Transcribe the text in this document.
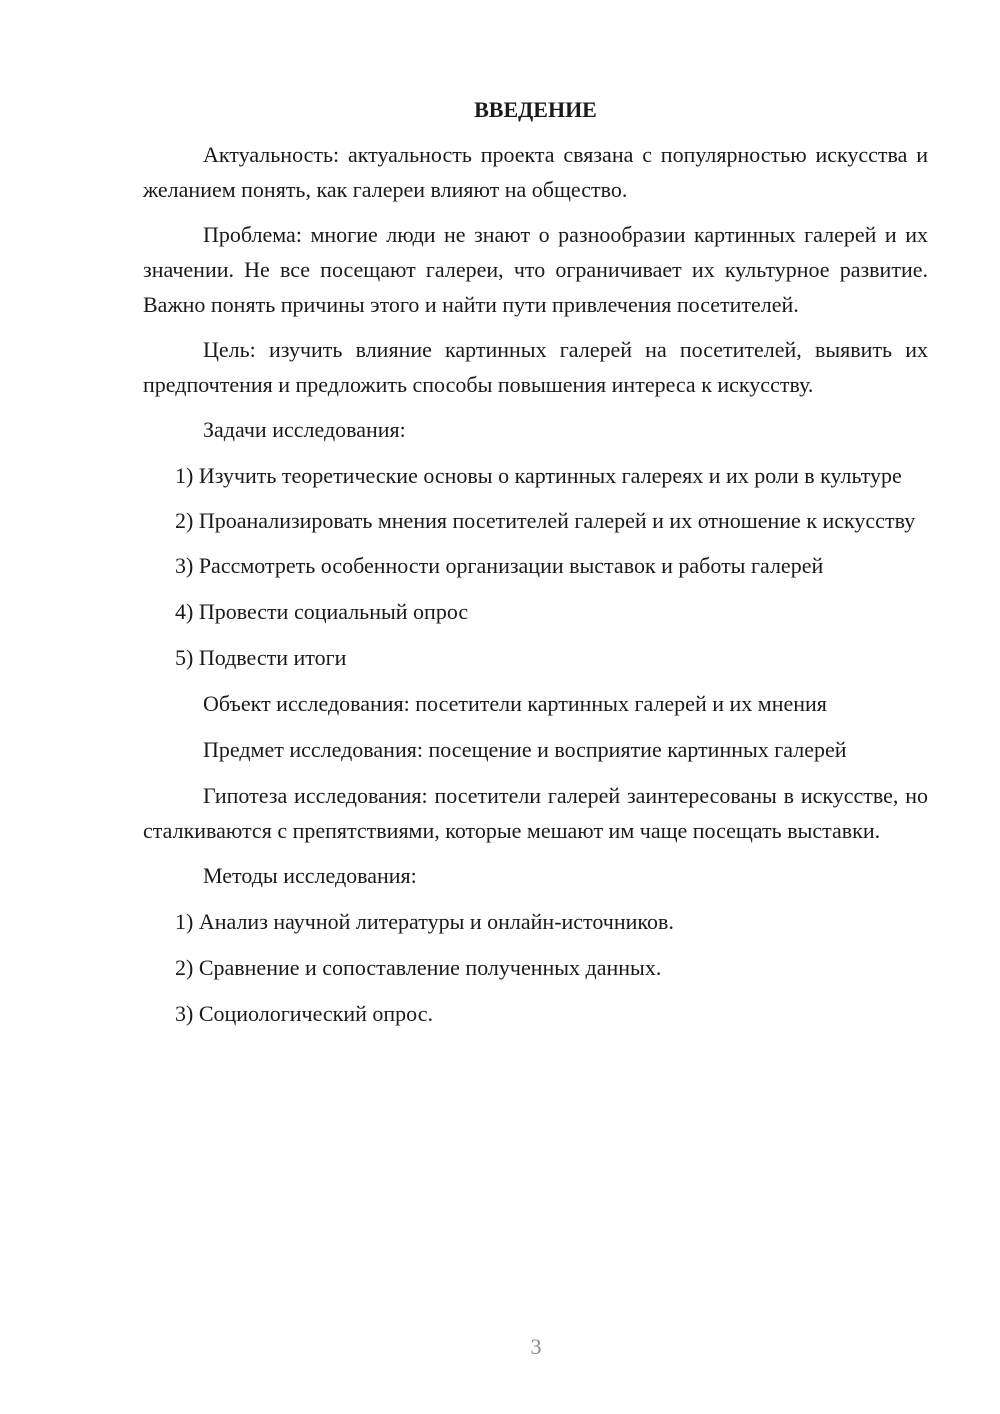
ВВЕДЕНИЕ

Актуальность: актуальность проекта связана с популярностью искусства и желанием понять, как галереи влияют на общество.

Проблема: многие люди не знают о разнообразии картинных галерей и их значении. Не все посещают галереи, что ограничивает их культурное развитие. Важно понять причины этого и найти пути привлечения посетителей.

Цель: изучить влияние картинных галерей на посетителей, выявить их предпочтения и предложить способы повышения интереса к искусству.

Задачи исследования:

1) Изучить теоретические основы о картинных галереях и их роли в культуре

2) Проанализировать мнения посетителей галерей и их отношение к искусству

3) Рассмотреть особенности организации выставок и работы галерей

4) Провести социальный опрос

5) Подвести итоги

Объект исследования: посетители картинных галерей и их мнения

Предмет исследования: посещение и восприятие картинных галерей

Гипотеза исследования: посетители галерей заинтересованы в искусстве, но сталкиваются с препятствиями, которые мешают им чаще посещать выставки.

Методы исследования:

1) Анализ научной литературы и онлайн-источников.

2) Сравнение и сопоставление полученных данных.

3) Социологический опрос.

3
